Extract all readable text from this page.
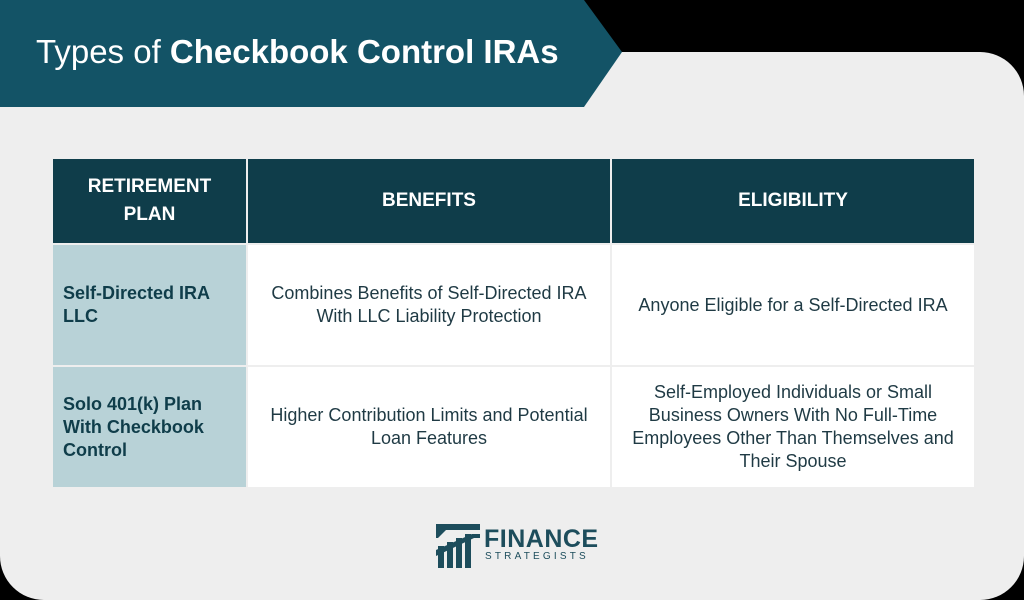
Types of Checkbook Control IRAs
RETIREMENT PLAN	BENEFITS	ELIGIBILITY
Self-Directed IRA LLC	Combines Benefits of Self-Directed IRA With LLC Liability Protection	Anyone Eligible for a Self-Directed IRA
Solo 401(k) Plan With Checkbook Control	Higher Contribution Limits and Potential Loan Features	Self-Employed Individuals or Small Business Owners With No Full-Time Employees Other Than Themselves and Their Spouse
FINANCE
STRATEGISTS
